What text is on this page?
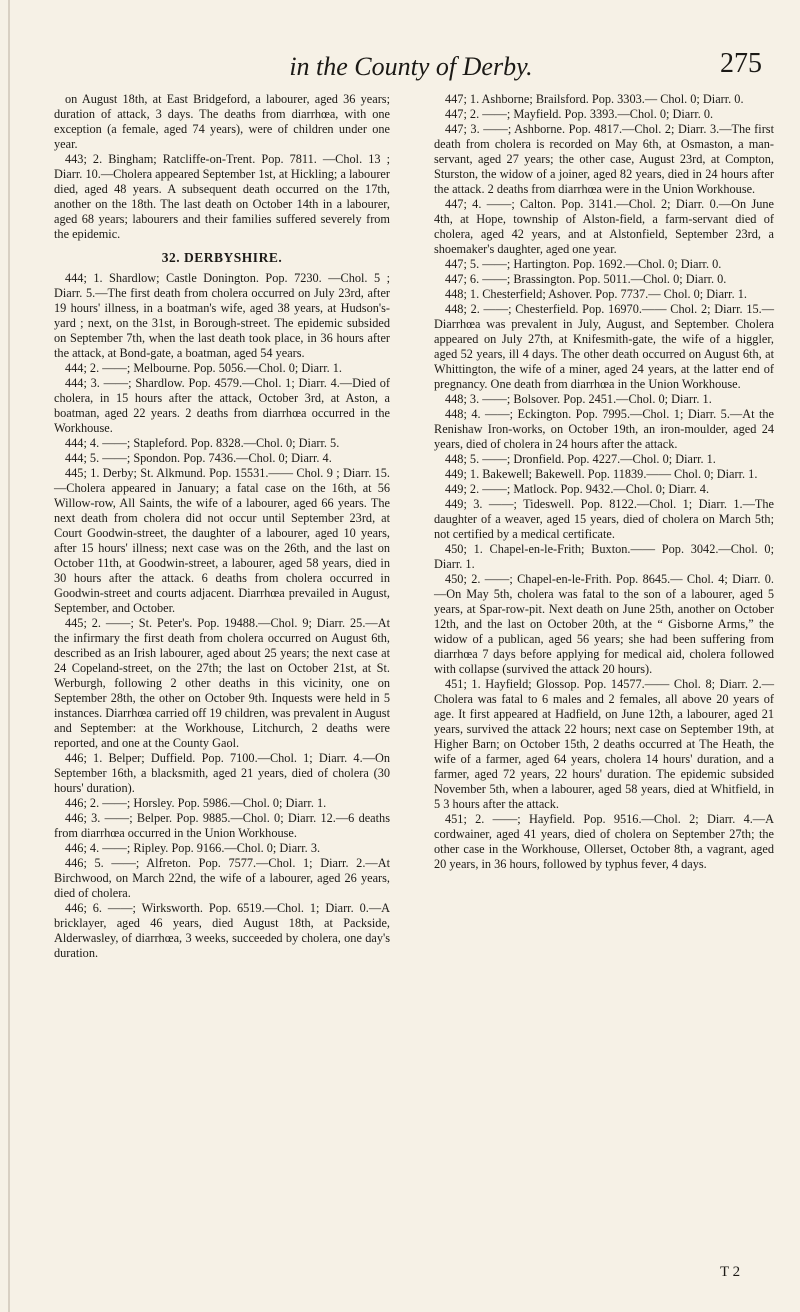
in the County of Derby.	275

on August 18th, at East Bridgeford, a labourer, aged 36 years; duration of attack, 3 days. The deaths from diarrhœa, with one exception (a female, aged 74 years), were of children under one year.

443; 2. Bingham; Ratcliffe-on-Trent. Pop. 7811. —Chol. 13 ; Diarr. 10.—Cholera appeared September 1st, at Hickling; a labourer died, aged 48 years. A subsequent death occurred on the 17th, another on the 18th. The last death on October 14th in a labourer, aged 68 years; labourers and their families suffered severely from the epidemic.

32. DERBYSHIRE.

444; 1. Shardlow; Castle Donington. Pop. 7230. —Chol. 5 ; Diarr. 5.—The first death from cholera occurred on July 23rd, after 19 hours' illness, in a boatman's wife, aged 38 years, at Hudson's-yard ; next, on the 31st, in Borough-street. The epidemic subsided on September 7th, when the last death took place, in 36 hours after the attack, at Bond-gate, a boatman, aged 54 years.

444; 2. ——; Melbourne. Pop. 5056.—Chol. 0; Diarr. 1.

444; 3. ——; Shardlow. Pop. 4579.—Chol. 1; Diarr. 4.—Died of cholera, in 15 hours after the attack, October 3rd, at Aston, a boatman, aged 22 years. 2 deaths from diarrhœa occurred in the Workhouse.

444; 4. ——; Stapleford. Pop. 8328.—Chol. 0; Diarr. 5.

444; 5. ——; Spondon. Pop. 7436.—Chol. 0; Diarr. 4.

445; 1. Derby; St. Alkmund. Pop. 15531.—— Chol. 9 ; Diarr. 15.—Cholera appeared in January; a fatal case on the 16th, at 56 Willow-row, All Saints, the wife of a labourer, aged 66 years. The next death from cholera did not occur until September 23rd, at Court Goodwin-street, the daughter of a labourer, aged 10 years, after 15 hours' illness; next case was on the 26th, and the last on October 11th, at Goodwin-street, a labourer, aged 58 years, died in 30 hours after the attack. 6 deaths from cholera occurred in Goodwin-street and courts adjacent. Diarrhœa prevailed in August, September, and October.

445; 2. ——; St. Peter's. Pop. 19488.—Chol. 9; Diarr. 25.—At the infirmary the first death from cholera occurred on August 6th, described as an Irish labourer, aged about 25 years; the next case at 24 Copeland-street, on the 27th; the last on October 21st, at St. Werburgh, following 2 other deaths in this vicinity, one on September 28th, the other on October 9th. Inquests were held in 5 instances. Diarrhœa carried off 19 children, was prevalent in August and September: at the Workhouse, Litchurch, 2 deaths were reported, and one at the County Gaol.

446; 1. Belper; Duffield. Pop. 7100.—Chol. 1; Diarr. 4.—On September 16th, a blacksmith, aged 21 years, died of cholera (30 hours' duration).

446; 2. ——; Horsley. Pop. 5986.—Chol. 0; Diarr. 1.

446; 3. ——; Belper. Pop. 9885.—Chol. 0; Diarr. 12.—6 deaths from diarrhœa occurred in the Union Workhouse.

446; 4. ——; Ripley. Pop. 9166.—Chol. 0; Diarr. 3.

446; 5. ——; Alfreton. Pop. 7577.—Chol. 1; Diarr. 2.—At Birchwood, on March 22nd, the wife of a labourer, aged 26 years, died of cholera.

446; 6. ——; Wirksworth. Pop. 6519.—Chol. 1; Diarr. 0.—A bricklayer, aged 46 years, died August 18th, at Packside, Alderwasley, of diarrhœa, 3 weeks, succeeded by cholera, one day's duration.

447; 1. Ashborne; Brailsford. Pop. 3303.— Chol. 0; Diarr. 0.

447; 2. ——; Mayfield. Pop. 3393.—Chol. 0; Diarr. 0.

447; 3. ——; Ashborne. Pop. 4817.—Chol. 2; Diarr. 3.—The first death from cholera is recorded on May 6th, at Osmaston, a man-servant, aged 27 years; the other case, August 23rd, at Compton, Sturston, the widow of a joiner, aged 82 years, died in 24 hours after the attack. 2 deaths from diarrhœa were in the Union Workhouse.

447; 4. ——; Calton. Pop. 3141.—Chol. 2; Diarr. 0.—On June 4th, at Hope, township of Alston-field, a farm-servant died of cholera, aged 42 years, and at Alstonfield, September 23rd, a shoemaker's daughter, aged one year.

447; 5. ——; Hartington. Pop. 1692.—Chol. 0; Diarr. 0.

447; 6. ——; Brassington. Pop. 5011.—Chol. 0; Diarr. 0.

448; 1. Chesterfield; Ashover. Pop. 7737.— Chol. 0; Diarr. 1.

448; 2. ——; Chesterfield. Pop. 16970.—— Chol. 2; Diarr. 15.—Diarrhœa was prevalent in July, August, and September. Cholera appeared on July 27th, at Knifesmith-gate, the wife of a higgler, aged 52 years, ill 4 days. The other death occurred on August 6th, at Whittington, the wife of a miner, aged 24 years, at the latter end of pregnancy. One death from diarrhœa in the Union Workhouse.

448; 3. ——; Bolsover. Pop. 2451.—Chol. 0; Diarr. 1.

448; 4. ——; Eckington. Pop. 7995.—Chol. 1; Diarr. 5.—At the Renishaw Iron-works, on October 19th, an iron-moulder, aged 24 years, died of cholera in 24 hours after the attack.

448; 5. ——; Dronfield. Pop. 4227.—Chol. 0; Diarr. 1.

449; 1. Bakewell; Bakewell. Pop. 11839.—— Chol. 0; Diarr. 1.

449; 2. ——; Matlock. Pop. 9432.—Chol. 0; Diarr. 4.

449; 3. ——; Tideswell. Pop. 8122.—Chol. 1; Diarr. 1.—The daughter of a weaver, aged 15 years, died of cholera on March 5th; not certified by a medical certificate.

450; 1. Chapel-en-le-Frith; Buxton.—— Pop. 3042.—Chol. 0; Diarr. 1.

450; 2. ——; Chapel-en-le-Frith. Pop. 8645.— Chol. 4; Diarr. 0.—On May 5th, cholera was fatal to the son of a labourer, aged 5 years, at Spar-row-pit. Next death on June 25th, another on October 12th, and the last on October 20th, at the “ Gisborne Arms,” the widow of a publican, aged 56 years; she had been suffering from diarrhœa 7 days before applying for medical aid, cholera followed with collapse (survived the attack 20 hours).

451; 1. Hayfield; Glossop. Pop. 14577.—— Chol. 8; Diarr. 2.—Cholera was fatal to 6 males and 2 females, all above 20 years of age. It first appeared at Hadfield, on June 12th, a labourer, aged 21 years, survived the attack 22 hours; next case on September 19th, at Higher Barn; on October 15th, 2 deaths occurred at The Heath, the wife of a farmer, aged 64 years, cholera 14 hours' duration, and a farmer, aged 72 years, 22 hours' duration. The epidemic subsided November 5th, when a labourer, aged 58 years, died at Whitfield, in 5 3 hours after the attack.

451; 2. ——; Hayfield. Pop. 9516.—Chol. 2; Diarr. 4.—A cordwainer, aged 41 years, died of cholera on September 27th; the other case in the Workhouse, Ollerset, October 8th, a vagrant, aged 20 years, in 36 hours, followed by typhus fever, 4 days.

T 2
